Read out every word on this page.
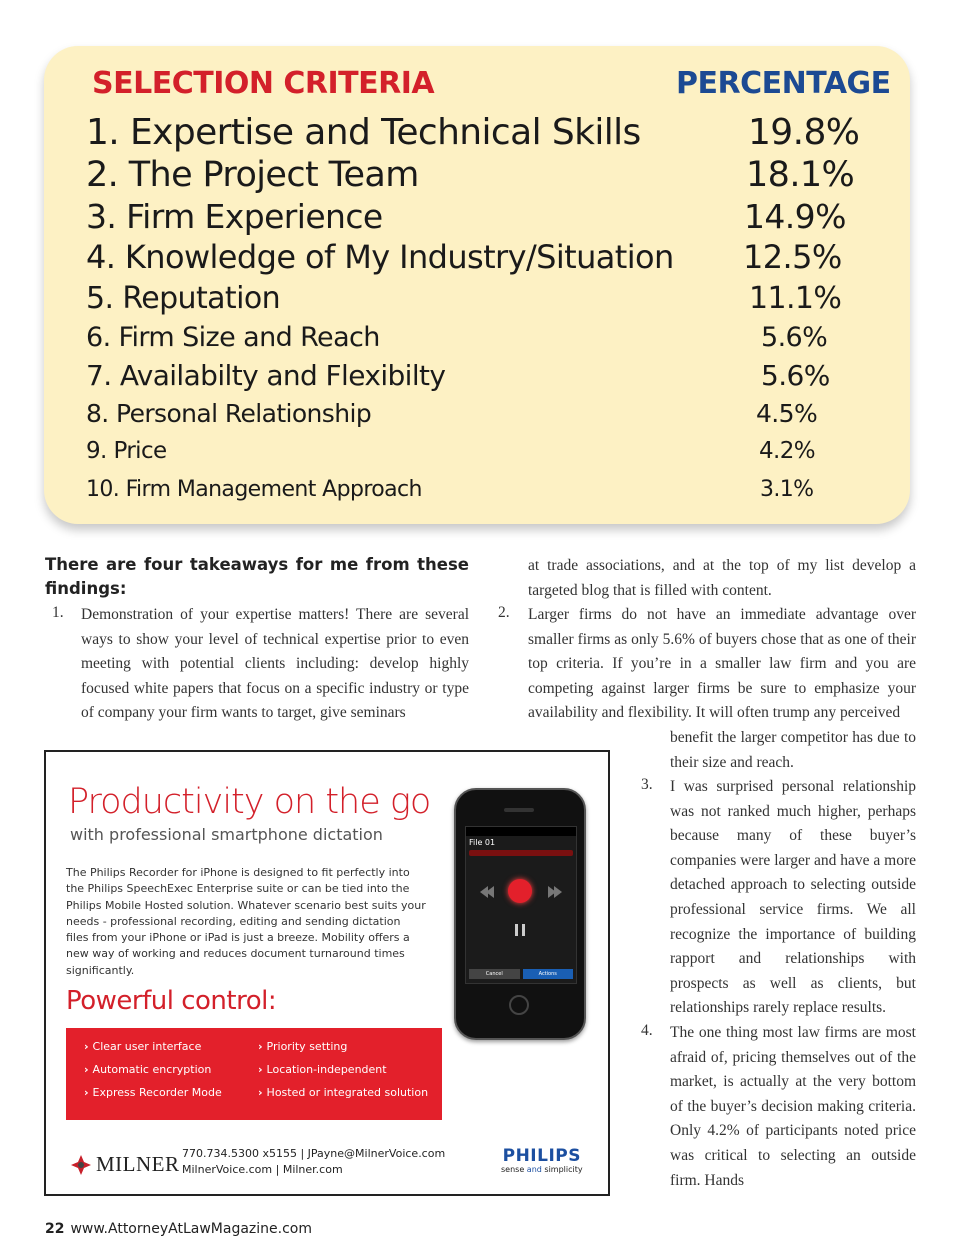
SELECTION CRITERIA	PERCENTAGE
1. Expertise and Technical Skills	19.8%
2. The Project Team	18.1%
3. Firm Experience	14.9%
4. Knowledge of My Industry/Situation 12.5%
5. Reputation	11.1%
6. Firm Size and Reach	5.6%
7. Availabilty and Flexibilty	5.6%
8. Personal Relationship	4.5%
9. Price	4.2%
10. Firm Management Approach	3.1%
There are four takeaways for me from these findings:
1. Demonstration of your expertise matters! There are several ways to show your level of technical expertise prior to even meeting with potential clients including: develop highly focused white papers that focus on a specific industry or type of company your firm wants to target, give seminars
at trade associations, and at the top of my list develop a targeted blog that is filled with content.
2. Larger firms do not have an immediate advantage over smaller firms as only 5.6% of buyers chose that as one of their top criteria. If you’re in a smaller law firm and you are competing against larger firms be sure to emphasize your availability and flexibility. It will often trump any perceived
benefit the larger competitor has due to their size and reach.
3. I was surprised personal relationship was not ranked much higher, perhaps because many of these buyer’s companies were larger and have a more detached approach to selecting outside professional service firms. We all recognize the importance of building rapport and relationships with prospects as well as clients, but relationships rarely replace results.
4. The one thing most law firms are most afraid of, pricing themselves out of the market, is actually at the very bottom of the buyer’s decision making criteria. Only 4.2% of participants noted price was critical to selecting an outside firm. Hands
Productivity on the go
with professional smartphone dictation
The Philips Recorder for iPhone is designed to fit perfectly into the Philips SpeechExec Enterprise suite or can be tied into the Philips Mobile Hosted solution. Whatever scenario best suits your needs - professional recording, editing and sending dictation files from your iPhone or iPad is just a breeze. Mobility offers a new way of working and reduces document turnaround times significantly.
Powerful control:
› Clear user interface
› Automatic encryption
› Express Recorder Mode
› Priority setting
› Location-independent
› Hosted or integrated solution
File 01
Cancel	Actions
MILNER 770.734.5300 x5155 | JPayne@MilnerVoice.com
MilnerVoice.com | Milner.com
PHILIPS
sense and simplicity
22 www.AttorneyAtLawMagazine.com
